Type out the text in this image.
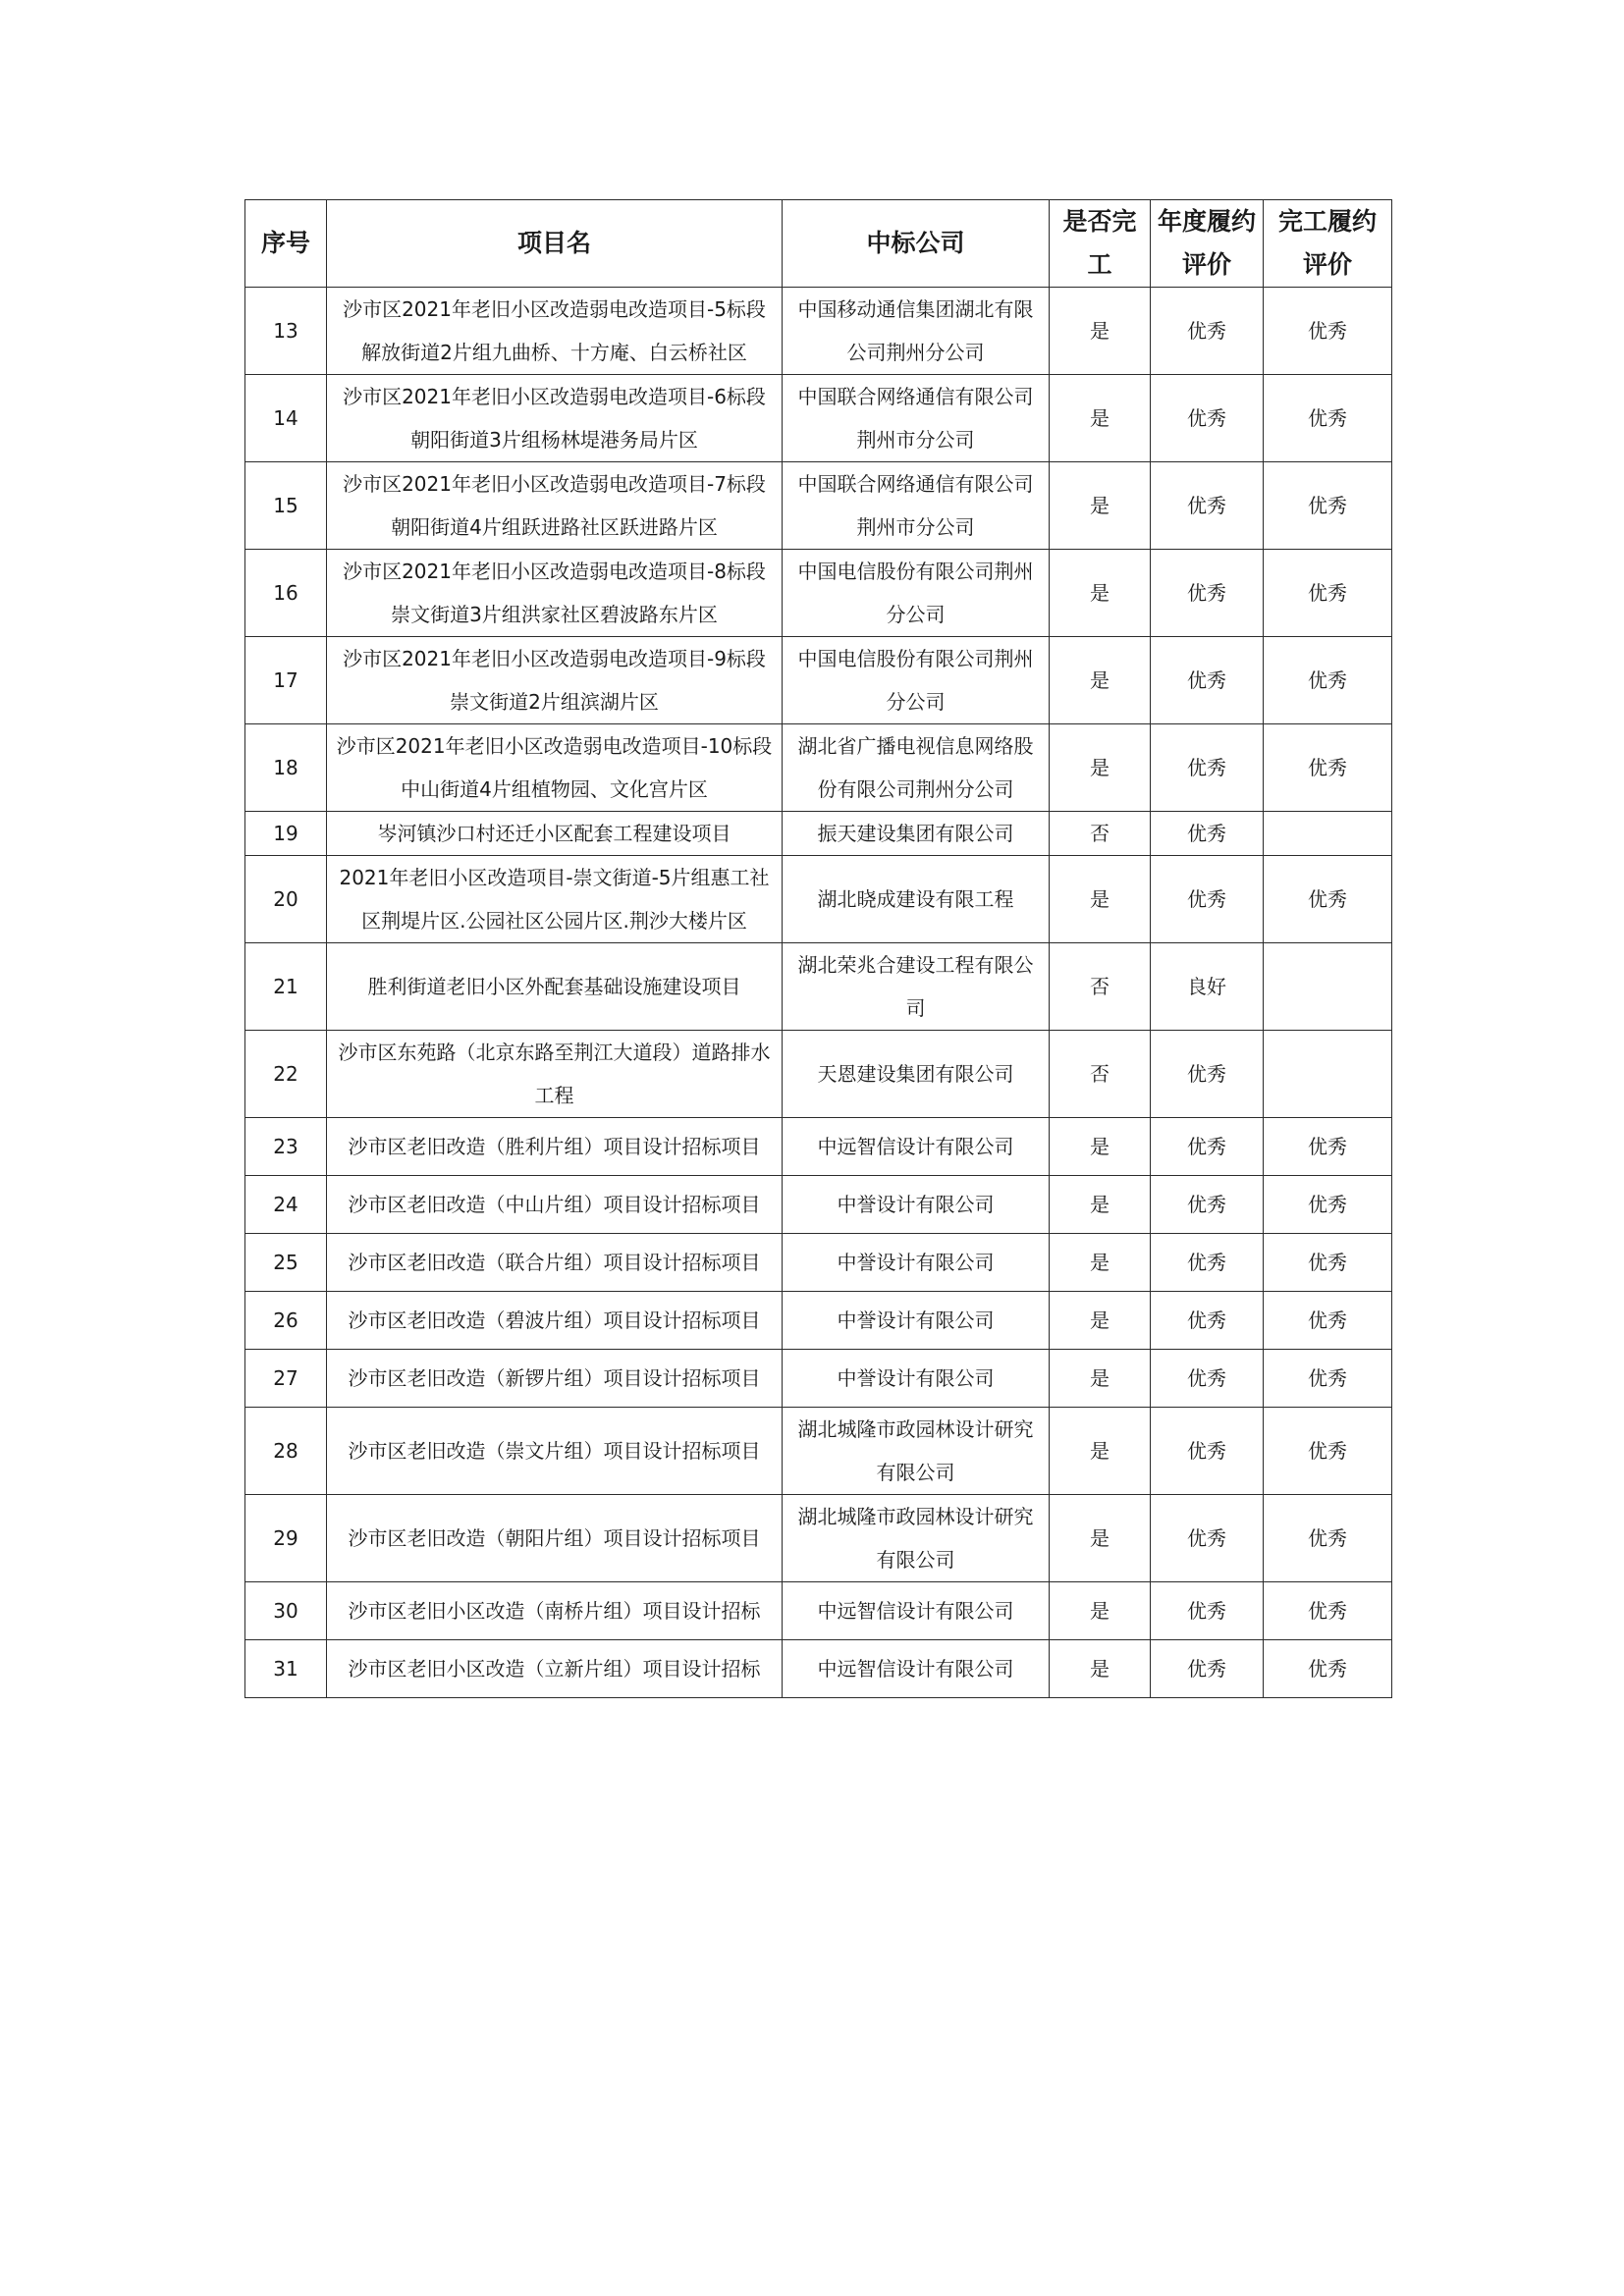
序号	项目名	中标公司	是否完工	年度履约评价	完工履约评价

13	沙市区2021年老旧小区改造弱电改造项目-5标段解放街道2片组九曲桥、十方庵、白云桥社区	中国移动通信集团湖北有限公司荆州分公司	是	优秀	优秀

14	沙市区2021年老旧小区改造弱电改造项目-6标段朝阳街道3片组杨林堤港务局片区	中国联合网络通信有限公司荆州市分公司	是	优秀	优秀

15	沙市区2021年老旧小区改造弱电改造项目-7标段朝阳街道4片组跃进路社区跃进路片区	中国联合网络通信有限公司荆州市分公司	是	优秀	优秀

16	沙市区2021年老旧小区改造弱电改造项目-8标段崇文街道3片组洪家社区碧波路东片区	中国电信股份有限公司荆州分公司	是	优秀	优秀

17	沙市区2021年老旧小区改造弱电改造项目-9标段崇文街道2片组滨湖片区	中国电信股份有限公司荆州分公司	是	优秀	优秀

18	沙市区2021年老旧小区改造弱电改造项目-10标段中山街道4片组植物园、文化宫片区	湖北省广播电视信息网络股份有限公司荆州分公司	是	优秀	优秀

19	岑河镇沙口村还迁小区配套工程建设项目	振天建设集团有限公司	否	优秀	

20	2021年老旧小区改造项目-崇文街道-5片组惠工社区荆堤片区.公园社区公园片区.荆沙大楼片区	湖北晓成建设有限工程	是	优秀	优秀

21	胜利街道老旧小区外配套基础设施建设项目	湖北荣兆合建设工程有限公司	否	良好	

22	沙市区东苑路（北京东路至荆江大道段）道路排水工程	天恩建设集团有限公司	否	优秀	

23	沙市区老旧改造（胜利片组）项目设计招标项目	中远智信设计有限公司	是	优秀	优秀

24	沙市区老旧改造（中山片组）项目设计招标项目	中誉设计有限公司	是	优秀	优秀

25	沙市区老旧改造（联合片组）项目设计招标项目	中誉设计有限公司	是	优秀	优秀

26	沙市区老旧改造（碧波片组）项目设计招标项目	中誉设计有限公司	是	优秀	优秀

27	沙市区老旧改造（新锣片组）项目设计招标项目	中誉设计有限公司	是	优秀	优秀

28	沙市区老旧改造（崇文片组）项目设计招标项目	湖北城隆市政园林设计研究有限公司	是	优秀	优秀

29	沙市区老旧改造（朝阳片组）项目设计招标项目	湖北城隆市政园林设计研究有限公司	是	优秀	优秀

30	沙市区老旧小区改造（南桥片组）项目设计招标	中远智信设计有限公司	是	优秀	优秀

31	沙市区老旧小区改造（立新片组）项目设计招标	中远智信设计有限公司	是	优秀	优秀
